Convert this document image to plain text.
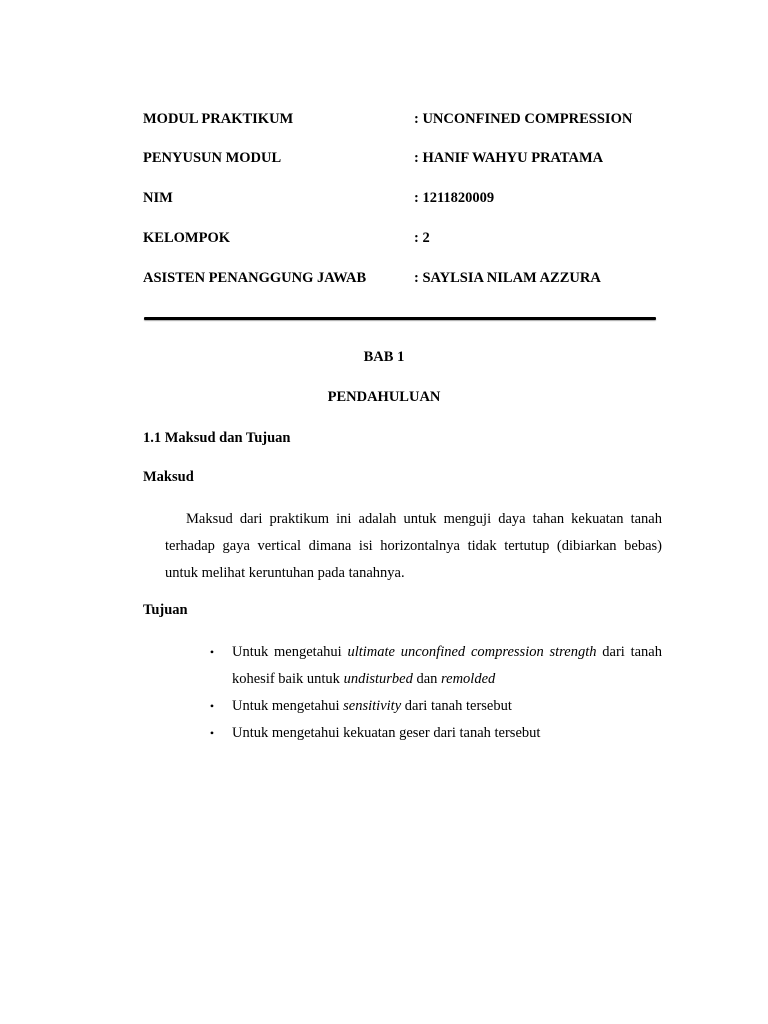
MODUL PRAKTIKUM	: UNCONFINED COMPRESSION
PENYUSUN MODUL	: HANIF WAHYU PRATAMA
NIM	: 1211820009
KELOMPOK	: 2
ASISTEN PENANGGUNG JAWAB	: SAYLSIA NILAM AZZURA
BAB 1
PENDAHULUAN
1.1 Maksud dan Tujuan
Maksud
Maksud dari praktikum ini adalah untuk menguji daya tahan kekuatan tanah terhadap gaya vertical dimana isi horizontalnya tidak tertutup (dibiarkan bebas) untuk melihat keruntuhan pada tanahnya.
Tujuan
•	Untuk mengetahui ultimate unconfined compression strength dari tanah kohesif baik untuk undisturbed dan remolded
•	Untuk mengetahui sensitivity dari tanah tersebut
•	Untuk mengetahui kekuatan geser dari tanah tersebut
